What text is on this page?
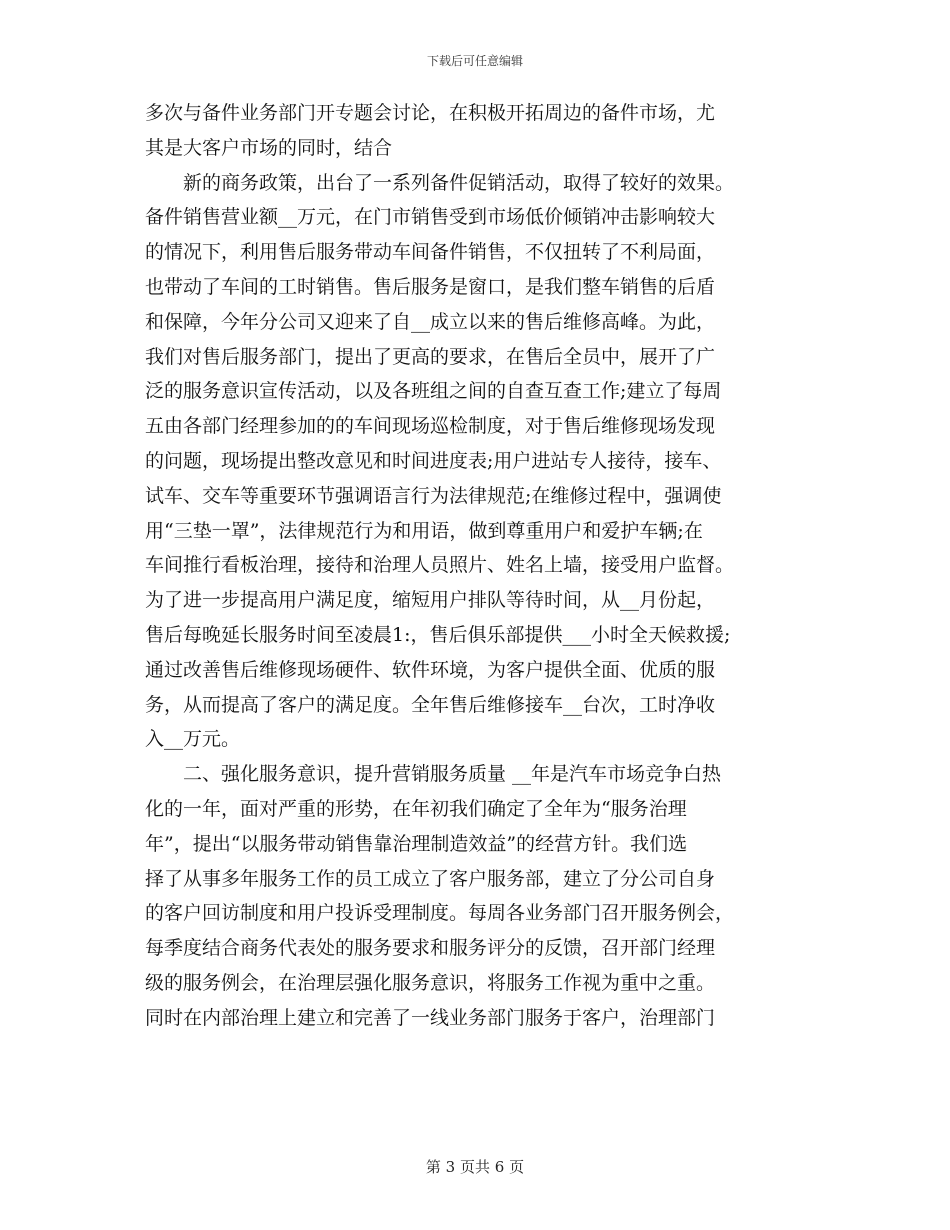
下载后可任意编辑
多次与备件业务部门开专题会讨论，在积极开拓周边的备件市场，尤
其是大客户市场的同时，结合
新的商务政策，出台了一系列备件促销活动，取得了较好的效果。
备件销售营业额__万元，在门市销售受到市场低价倾销冲击影响较大
的情况下，利用售后服务带动车间备件销售，不仅扭转了不利局面，
也带动了车间的工时销售。售后服务是窗口，是我们整车销售的后盾
和保障，今年分公司又迎来了自__成立以来的售后维修高峰。为此，
我们对售后服务部门，提出了更高的要求，在售后全员中，展开了广
泛的服务意识宣传活动，以及各班组之间的自查互查工作;建立了每周
五由各部门经理参加的的车间现场巡检制度，对于售后维修现场发现
的问题，现场提出整改意见和时间进度表;用户进站专人接待，接车、
试车、交车等重要环节强调语言行为法律规范;在维修过程中，强调使
用“三垫一罩”，法律规范行为和用语，做到尊重用户和爱护车辆;在
车间推行看板治理，接待和治理人员照片、姓名上墙，接受用户监督。
为了进一步提高用户满足度，缩短用户排队等待时间，从__月份起，
售后每晚延长服务时间至凌晨1:，售后俱乐部提供___小时全天候救援;
通过改善售后维修现场硬件、软件环境，为客户提供全面、优质的服
务，从而提高了客户的满足度。全年售后维修接车__台次，工时净收
入__万元。
二、强化服务意识，提升营销服务质量 __年是汽车市场竞争白热
化的一年，面对严重的形势，在年初我们确定了全年为“服务治理
年”，提出“以服务带动销售靠治理制造效益”的经营方针。我们选
择了从事多年服务工作的员工成立了客户服务部，建立了分公司自身
的客户回访制度和用户投诉受理制度。每周各业务部门召开服务例会，
每季度结合商务代表处的服务要求和服务评分的反馈，召开部门经理
级的服务例会，在治理层强化服务意识，将服务工作视为重中之重。
同时在内部治理上建立和完善了一线业务部门服务于客户，治理部门
第 3 页共 6 页
